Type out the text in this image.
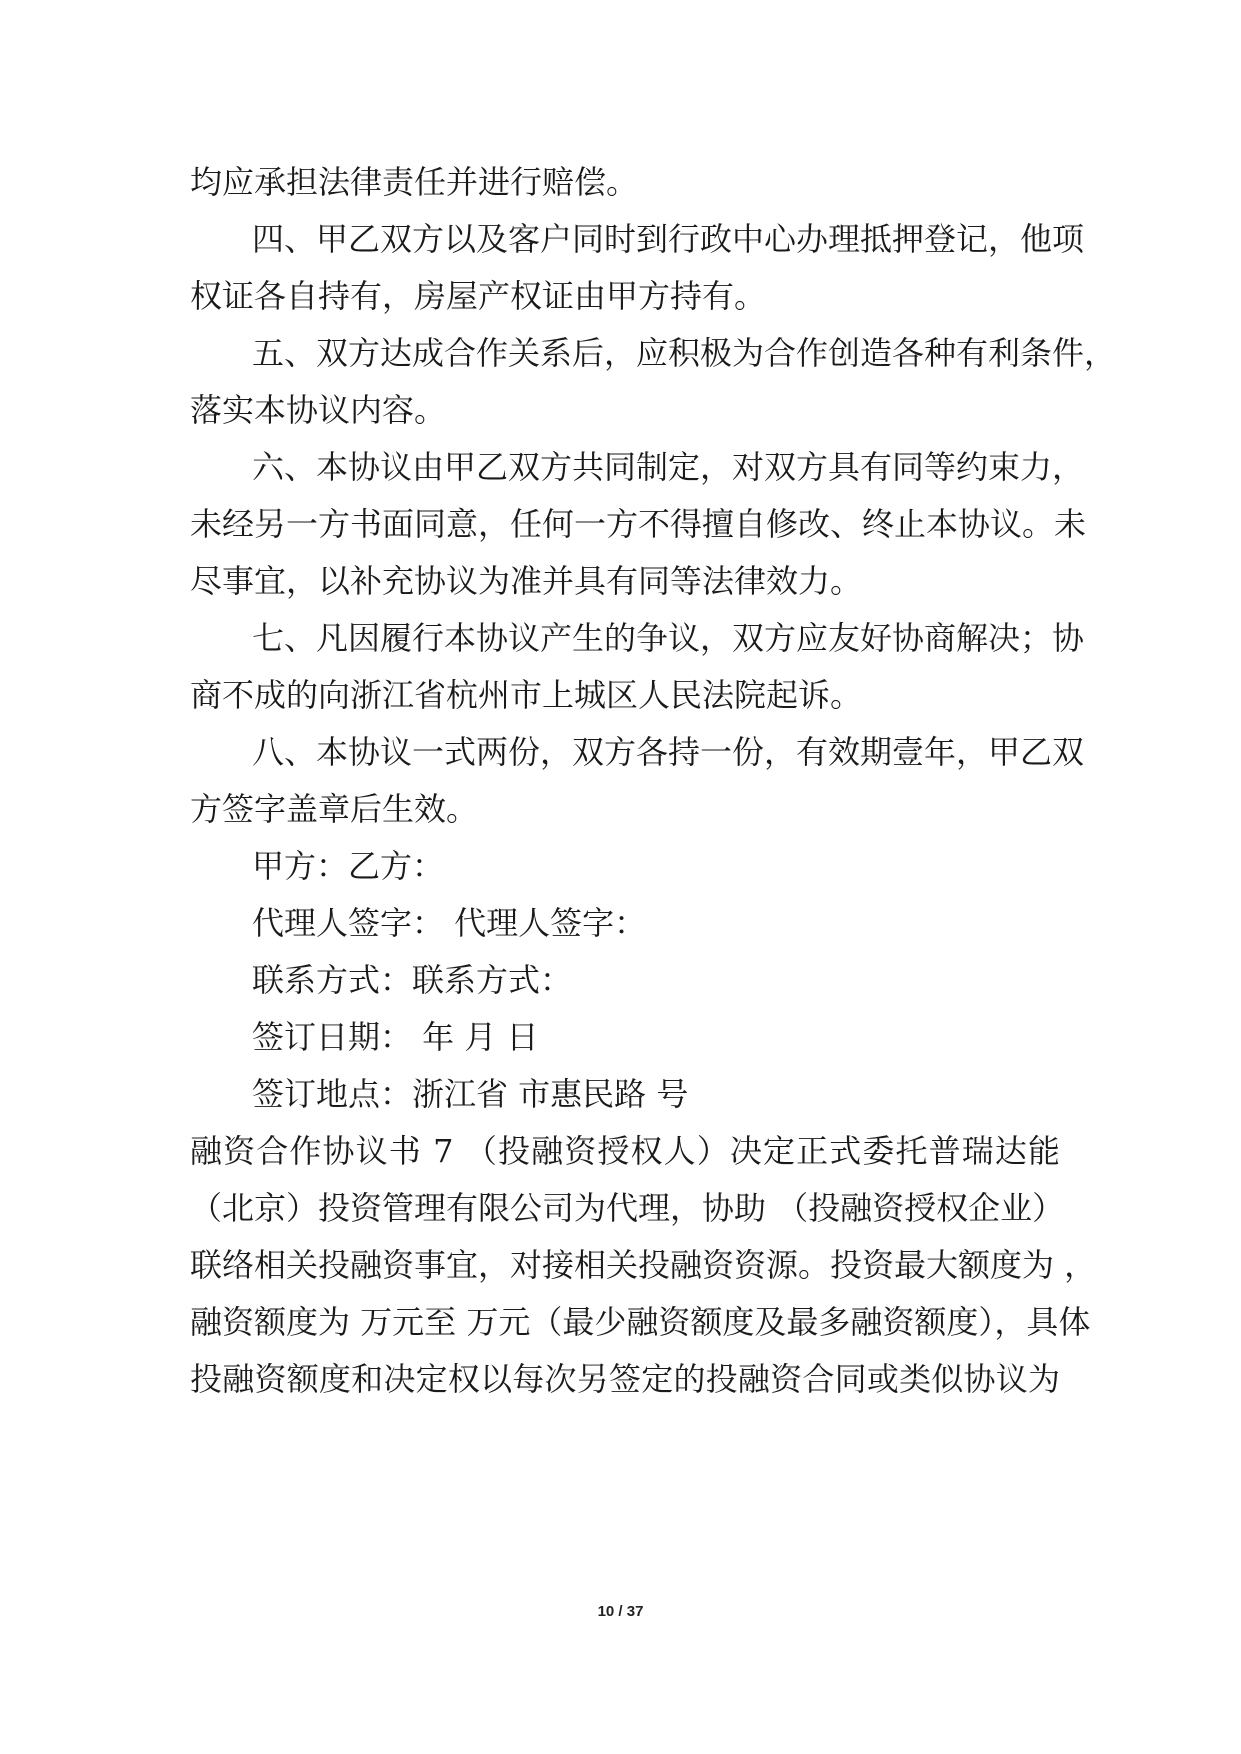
均应承担法律责任并进行赔偿。
四、甲乙双方以及客户同时到行政中心办理抵押登记，他项
权证各自持有，房屋产权证由甲方持有。
五、双方达成合作关系后，应积极为合作创造各种有利条件，
落实本协议内容。
六、本协议由甲乙双方共同制定，对双方具有同等约束力，
未经另一方书面同意，任何一方不得擅自修改、终止本协议。未
尽事宜，以补充协议为准并具有同等法律效力。
七、凡因履行本协议产生的争议，双方应友好协商解决；协
商不成的向浙江省杭州市上城区人民法院起诉。
八、本协议一式两份，双方各持一份，有效期壹年，甲乙双
方签字盖章后生效。
甲方：乙方：
代理人签字： 代理人签字：
联系方式：联系方式：
签订日期： 年 月 日
签订地点：浙江省 市惠民路 号
融资合作协议书 7 （投融资授权人）决定正式委托普瑞达能
（北京）投资管理有限公司为代理，协助 （投融资授权企业）
联络相关投融资事宜，对接相关投融资资源。投资最大额度为 ，
融资额度为 万元至 万元（最少融资额度及最多融资额度），具体
投融资额度和决定权以每次另签定的投融资合同或类似协议为
10 / 37
